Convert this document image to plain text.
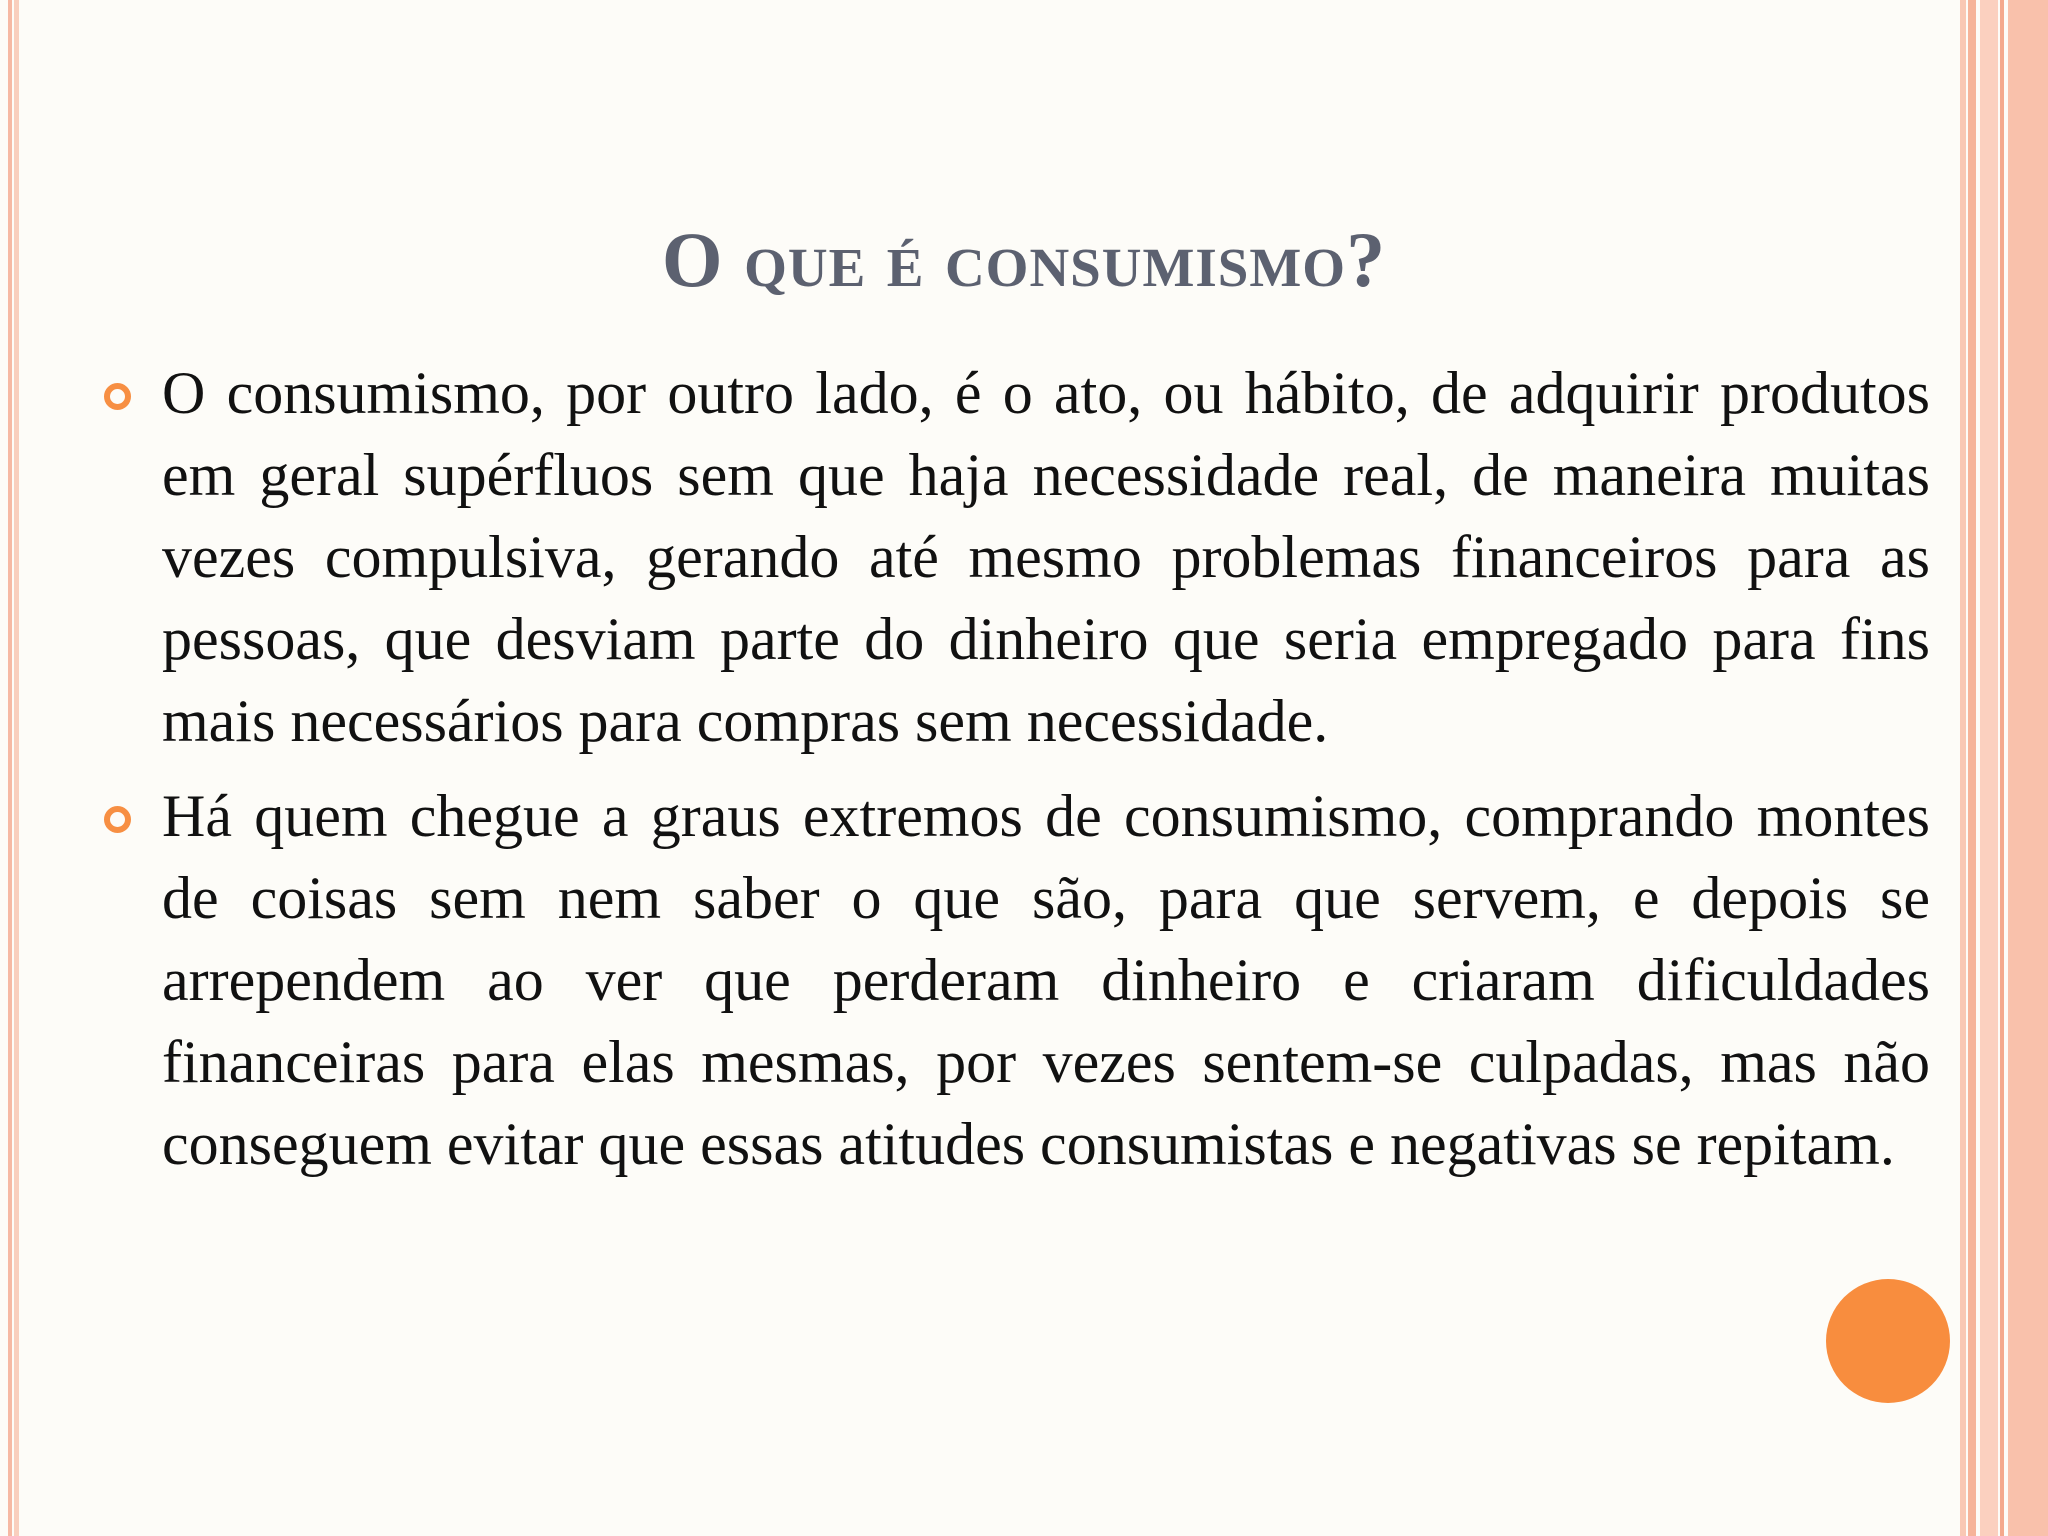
O que é consumismo?
O consumismo, por outro lado, é o ato, ou hábito, de adquirir produtos em geral supérfluos sem que haja necessidade real, de maneira muitas vezes compulsiva, gerando até mesmo problemas financeiros para as pessoas, que desviam parte do dinheiro que seria empregado para fins mais necessários para compras sem necessidade.
Há quem chegue a graus extremos de consumismo, comprando montes de coisas sem nem saber o que são, para que servem, e depois se arrependem ao ver que perderam dinheiro e criaram dificuldades financeiras para elas mesmas, por vezes sentem-se culpadas, mas não conseguem evitar que essas atitudes consumistas e negativas se repitam.
